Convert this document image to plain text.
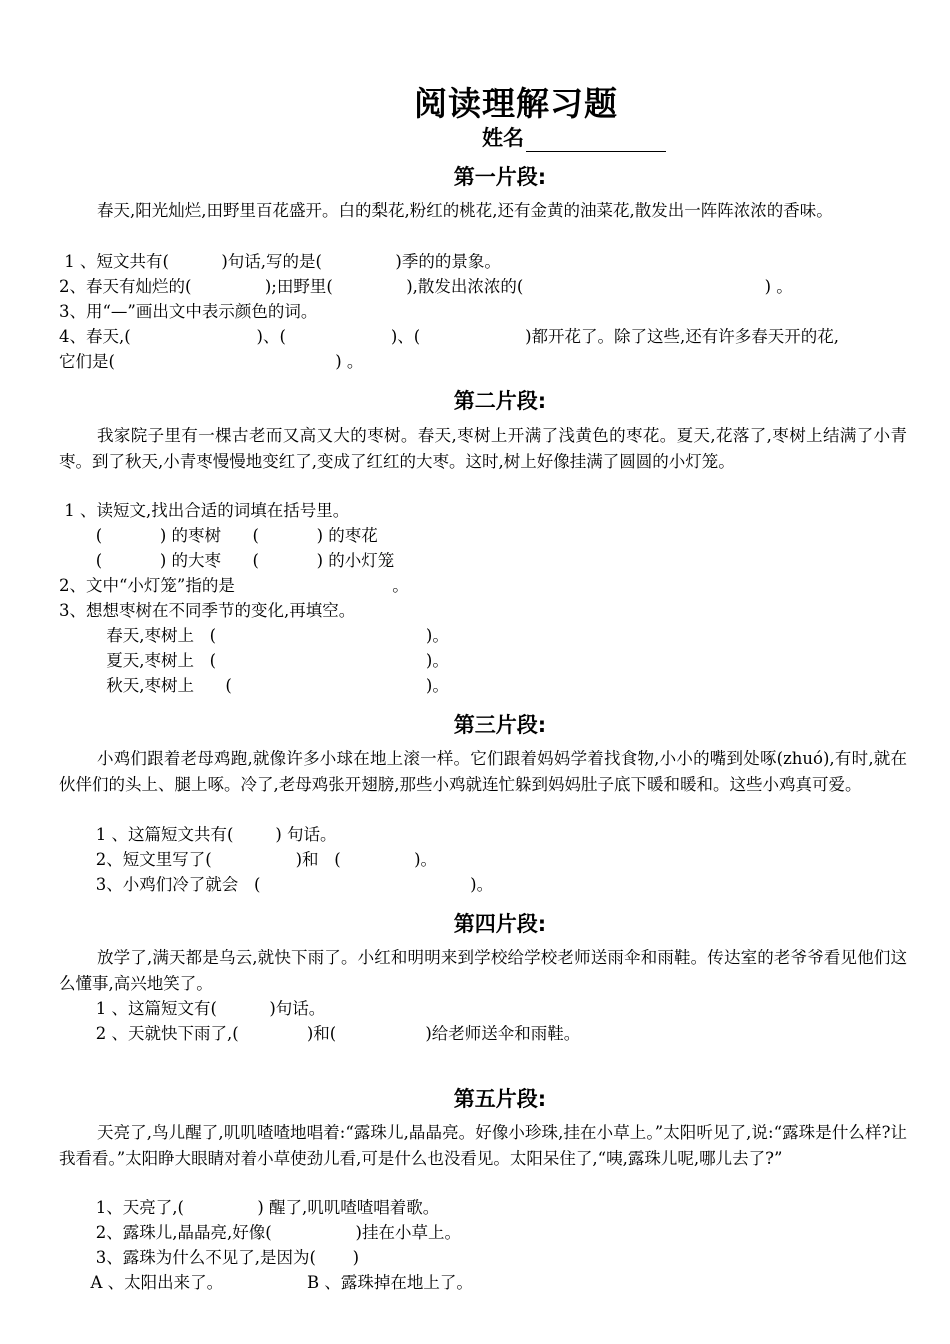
阅读理解习题
姓名
第一片段:
春天,阳光灿烂,田野里百花盛开。白的梨花,粉红的桃花,还有金黄的油菜花,散发出一阵阵浓浓的香味。
1 、短文共有(          )句话,写的是(              )季的的景象。
2、春天有灿烂的(              );田野里(              ),散发出浓浓的(                                              ) 。
3、用“—”画出文中表示颜色的词。
4、春天,(                        )、(                    )、(                    )都开花了。除了这些,还有许多春天开的花,
它们是(                                          ) 。
第二片段:
我家院子里有一棵古老而又高又大的枣树。春天,枣树上开满了浅黄色的枣花。夏天,花落了,枣树上结满了小青枣。到了秋天,小青枣慢慢地变红了,变成了红红的大枣。这时,树上好像挂满了圆圆的小灯笼。
1 、读短文,找出合适的词填在括号里。
(           ) 的枣树      (           ) 的枣花
(           ) 的大枣      (           ) 的小灯笼
2、文中“小灯笼”指的是                              。
3、想想枣树在不同季节的变化,再填空。
春天,枣树上   (                                        )。
夏天,枣树上   (                                        )。
秋天,枣树上      (                                     )。
第三片段:
小鸡们跟着老母鸡跑,就像许多小球在地上滚一样。它们跟着妈妈学着找食物,小小的嘴到处啄(zhuó),有时,就在伙伴们的头上、腿上啄。冷了,老母鸡张开翅膀,那些小鸡就连忙躲到妈妈肚子底下暖和暖和。这些小鸡真可爱。
1 、这篇短文共有(        ) 句话。
2、短文里写了(                )和   (              )。
3、小鸡们冷了就会   (                                        )。
第四片段:
放学了,满天都是乌云,就快下雨了。小红和明明来到学校给学校老师送雨伞和雨鞋。传达室的老爷爷看见他们这么懂事,高兴地笑了。
1 、这篇短文有(          )句话。
2 、天就快下雨了,(             )和(                 )给老师送伞和雨鞋。
第五片段:
天亮了,鸟儿醒了,叽叽喳喳地唱着:“露珠儿,晶晶亮。好像小珍珠,挂在小草上。”太阳听见了,说:“露珠是什么样?让我看看。”太阳睁大眼睛对着小草使劲儿看,可是什么也没看见。太阳呆住了,“咦,露珠儿呢,哪儿去了?”
1、天亮了,(              ) 醒了,叽叽喳喳唱着歌。
2、露珠儿,晶晶亮,好像(                )挂在小草上。
3、露珠为什么不见了,是因为(       )
A 、太阳出来了。                B 、露珠掉在地上了。
